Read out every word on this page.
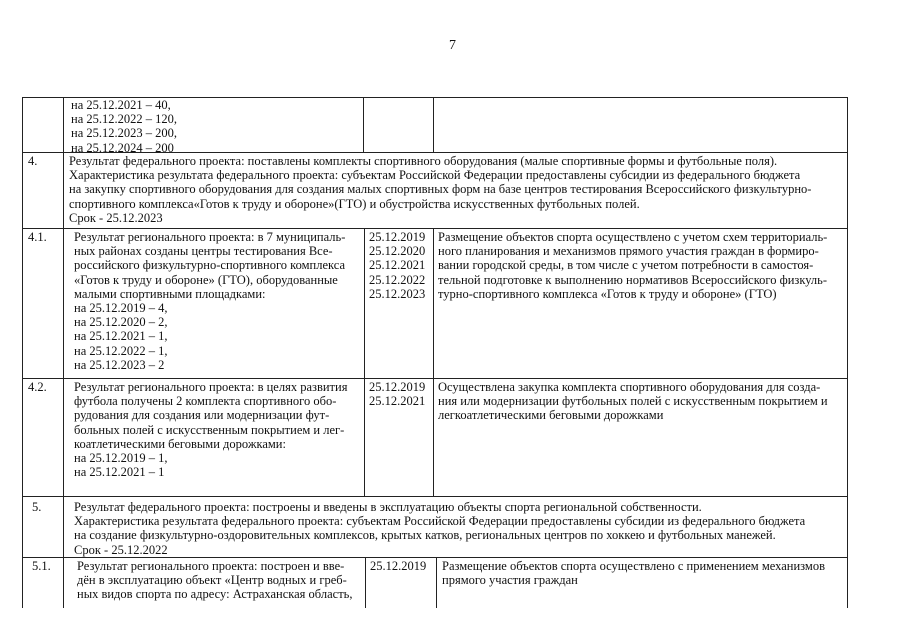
7
на 25.12.2021 – 40,
на 25.12.2022 – 120,
на 25.12.2023 – 200,
на 25.12.2024 – 200
4.	Результат федерального проекта: поставлены комплекты спортивного оборудования (малые спортивные формы и футбольные поля).
Характеристика результата федерального проекта: субъектам Российской Федерации предоставлены субсидии из федерального бюджета
на закупку спортивного оборудования для создания малых спортивных форм на базе центров тестирования Всероссийского физкультурно-
спортивного комплекса«Готов к труду и обороне»(ГТО) и обустройства искусственных футбольных полей.
Срок - 25.12.2023
4.1. Результат регионального проекта: в 7 муниципаль-
ных районах созданы центры тестирования Все-
российского физкультурно-спортивного комплекса
«Готов к труду и обороне» (ГТО), оборудованные
малыми спортивными площадками:
на 25.12.2019 – 4,
на 25.12.2020 – 2,
на 25.12.2021 – 1,
на 25.12.2022 – 1,
на 25.12.2023 – 2
25.12.2019
25.12.2020
25.12.2021
25.12.2022
25.12.2023
Размещение объектов спорта осуществлено с учетом схем территориаль-
ного планирования и механизмов прямого участия граждан в формиро-
вании городской среды, в том числе с учетом потребности в самостоя-
тельной подготовке к выполнению нормативов Всероссийского физкуль-
турно-спортивного комплекса «Готов к труду и обороне» (ГТО)
4.2. Результат регионального проекта: в целях развития
футбола получены 2 комплекта спортивного обо-
рудования для создания или модернизации фут-
больных полей с искусственным покрытием и лег-
коатлетическими беговыми дорожками:
на 25.12.2019 – 1,
на 25.12.2021 – 1
25.12.2019
25.12.2021
Осуществлена закупка комплекта спортивного оборудования для созда-
ния или модернизации футбольных полей с искусственным покрытием и
легкоатлетическими беговыми дорожками
5.	Результат федерального проекта: построены и введены в эксплуатацию объекты спорта региональной собственности.
Характеристика результата федерального проекта: субъектам Российской Федерации предоставлены субсидии из федерального бюджета
на создание физкультурно-оздоровительных комплексов, крытых катков, региональных центров по хоккею и футбольных манежей.
Срок - 25.12.2022
5.1. Результат регионального проекта: построен и вве-
дён в эксплуатацию объект «Центр водных и греб-
ных видов спорта по адресу: Астраханская область,
25.12.2019 Размещение объектов спорта осуществлено с применением механизмов
прямого участия граждан
